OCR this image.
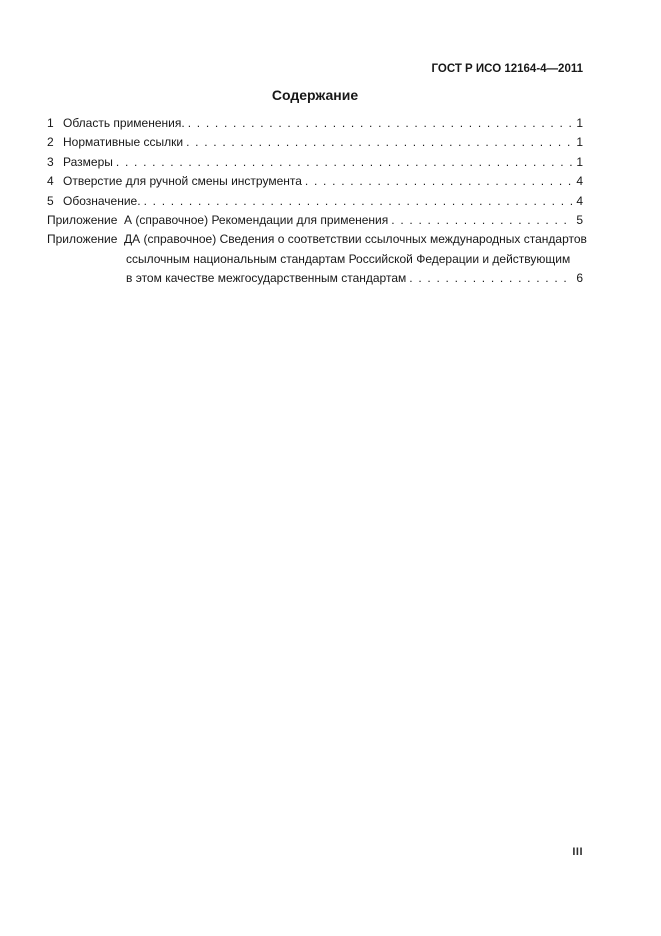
ГОСТ Р ИСО 12164-4—2011
Содержание
1 Область применения. . . .	1
2 Нормативные ссылки . . .	1
3 Размеры . . .	1
4 Отверстие для ручной смены инструмента . . .	4
5 Обозначение. . . .	4
Приложение  А (справочное) Рекомендации для применения . . .	5
Приложение  ДА (справочное) Сведения о соответствии ссылочных международных стандартов
ссылочным национальным стандартам Российской Федерации и действующим
в этом качестве межгосударственным стандартам . . .	6
III
